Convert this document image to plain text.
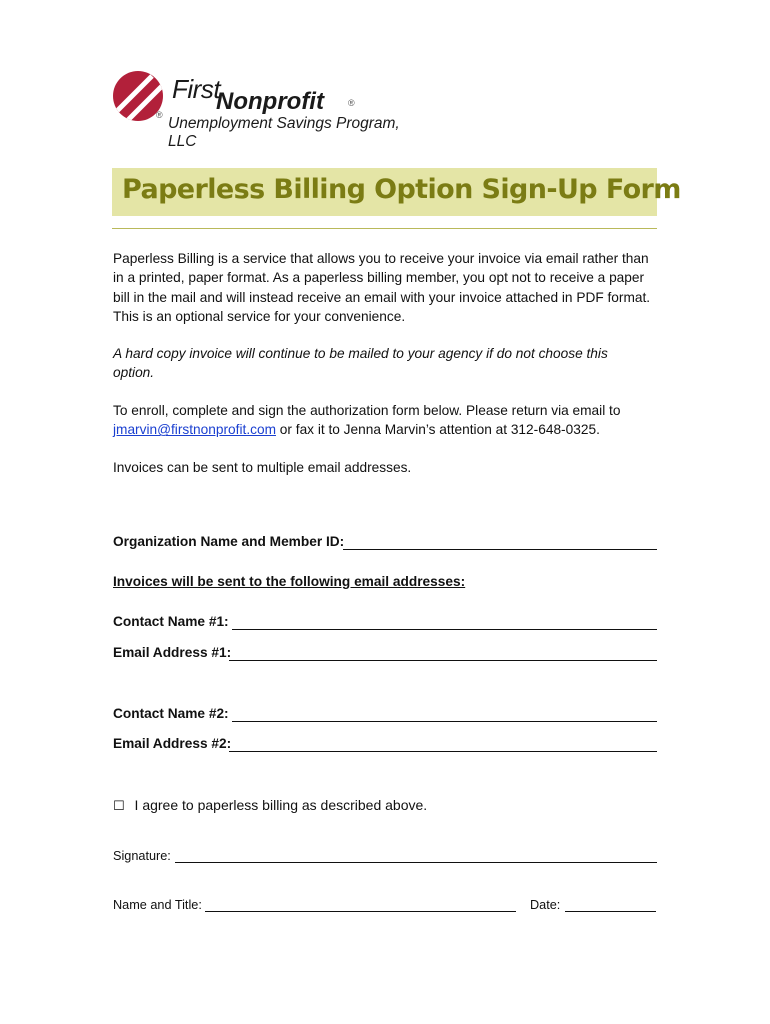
First
Nonprofit	®
® Unemployment Savings Program, LLC
Paperless Billing Option Sign-Up Form
Paperless Billing is a service that allows you to receive your invoice via email rather than in a printed, paper format. As a paperless billing member, you opt not to receive a paper bill in the mail and will instead receive an email with your invoice attached in PDF format. This is an optional service for your convenience.
A hard copy invoice will continue to be mailed to your agency if do not choose this option.
To enroll, complete and sign the authorization form below. Please return via email to jmarvin@firstnonprofit.com or fax it to Jenna Marvin’s attention at 312-648-0325.
Invoices can be sent to multiple email addresses.
Organization Name and Member ID:
Invoices will be sent to the following email addresses:
Contact Name #1:
Email Address #1:
Contact Name #2:
Email Address #2:
☐ I agree to paperless billing as described above.
Signature:
Name and Title:	Date:
